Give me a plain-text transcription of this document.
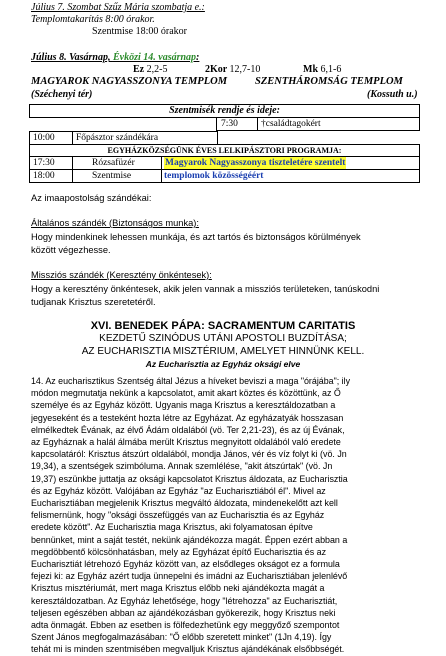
Július 7. Szombat Szűz Mária szombatja e.:
Templomtakarítás 8:00 órakor.
Szentmise 18:00 órakor
Július 8. Vasárnap, Évközi 14. vasárnap:
Ez 2,2-5	2Kor 12,7-10	Mk 6,1-6
MAGYAROK NAGYASSZONYA TEMPLOM
(Széchenyi tér)
SZENTHÁROMSÁG TEMPLOM
(Kossuth u.)
Szentmisék rendje és ideje:
7:30 †családtagokért
10:00 Főpásztor szándékára
EGYHÁZKÖZSÉGÜNK ÉVES LELKIPÁSZTORI PROGRAMJA:
17:30	Rózsafüzér	Magyarok Nagyasszonya tiszteletére szentelt
18:00	Szentmise	templomok közösségéért
Az imaapostolság szándékai:
Általános szándék (Biztonságos munka):
Hogy mindenkinek lehessen munkája, és azt tartós és biztonságos körülmények
között végezhesse.
Missziós szándék (Keresztény önkéntesek):
Hogy a keresztény önkéntesek, akik jelen vannak a missziós területeken, tanúskodni
tudjanak Krisztus szeretetéről.
XVI. BENEDEK PÁPA: SACRAMENTUM CARITATIS
KEZDETŰ SZINÓDUS UTÁNI APOSTOLI BUZDÍTÁSA;
AZ EUCHARISZTIA MISZTÉRIUM, AMELYET HINNÜNK KELL.
Az Eucharisztia az Egyház oksági elve
14. Az eucharisztikus Szentség által Jézus a híveket beviszi a maga "órájába"; ily
módon megmutatja nekünk a kapcsolatot, amit akart köztes és közöttünk, az Ő
személye és az Egyház között. Ugyanis maga Krisztus a keresztáldozatban a
jegyeseként és a testeként hozta létre az Egyházat. Az egyházatyák hosszasan
elmélkedtek Évának, az élvő Ádám oldalából (vö. Ter 2,21-23), és az új Évának,
az Egyháznak a halál álmába merült Krisztus megnyitott oldalából való eredete
kapcsolatáról: Krisztus átszúrt oldalából, mondja János, vér és víz folyt ki (vö. Jn
19,34), a szentségek szimbóluma. Annak szemlélése, "akit átszúrtak" (vö. Jn
19,37) eszünkbe juttatja az oksági kapcsolatot Krisztus áldozata, az Eucharisztia
és az Egyház között. Valójában az Egyház "az Eucharisztiából él". Mivel az
Eucharisztiában megjelenik Krisztus megváltó áldozata, mindenekelőtt azt kell
felismernünk, hogy "oksági összefüggés van az Eucharisztia és az Egyház
eredete között". Az Eucharisztia maga Krisztus, aki folyamatosan építve
bennünket, mint a saját testét, nekünk ajándékozza magát. Éppen ezért abban a
megdöbbentő kölcsönhatásban, mely az Egyházat építő Eucharisztia és az
Eucharisztiát létrehozó Egyház között van, az elsődleges okságot ez a formula
fejezi ki: az Egyház azért tudja ünnepelni és imádni az Eucharisztiában jelenlévő
Krisztus misztériumát, mert maga Krisztus előbb neki ajándékozta magát a
keresztáldozatban. Az Egyház lehetősége, hogy "létrehozza" az Eucharisztiát,
teljesen egészében abban az ajándékozásban gyökerezik, hogy Krisztus neki
adta önmagát. Ebben az esetben is fölfedezhetünk egy meggyőző szempontot
Szent János megfogalmazásában: "Ő előbb szeretett minket" (1Jn 4,19). Így
tehát mi is minden szentmisében megvalljuk Krisztus ajándékának elsőbbségét.
